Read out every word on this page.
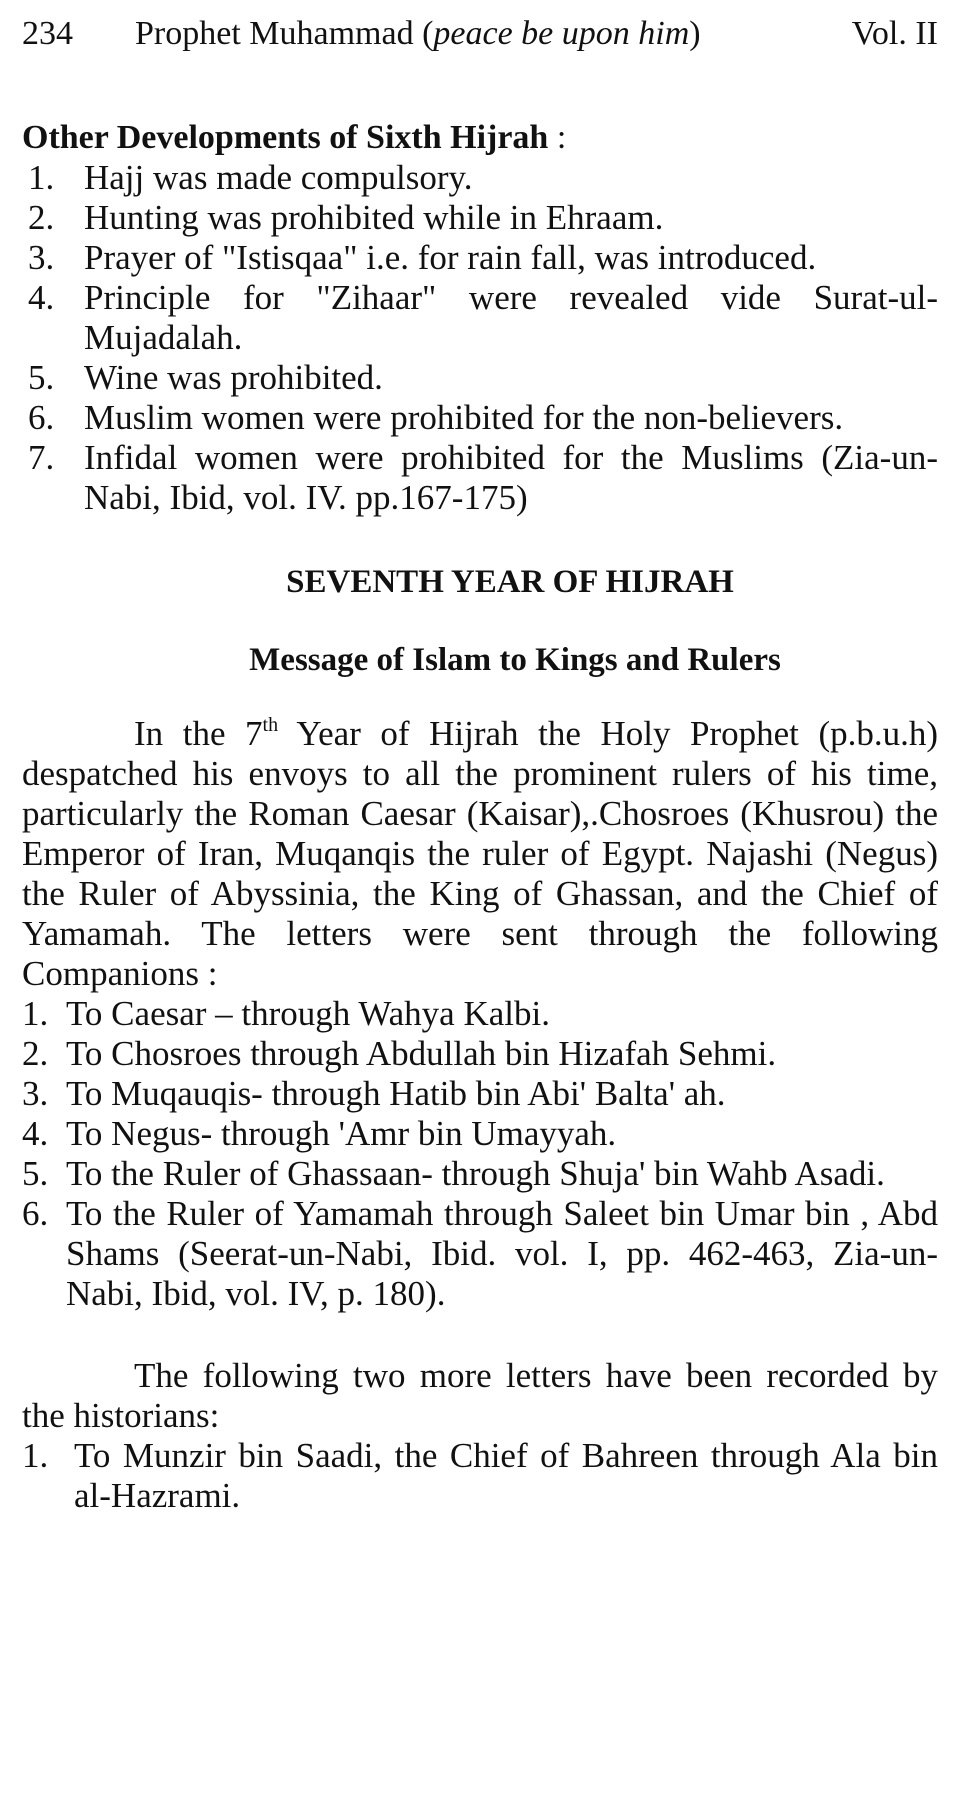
234 Prophet Muhammad (peace be upon him)	Vol. II
Other Developments of Sixth Hijrah :
1. Hajj was made compulsory.
2. Hunting was prohibited while in Ehraam.
3. Prayer of "Istisqaa" i.e. for rain fall, was introduced.
4. Principle for "Zihaar" were revealed vide Surat-ul-Mujadalah.
5. Wine was prohibited.
6. Muslim women were prohibited for the non-believers.
7. Infidal women were prohibited for the Muslims (Zia-un-Nabi, Ibid, vol. IV. pp.167-175)
SEVENTH YEAR OF HIJRAH
Message of Islam to Kings and Rulers

In the 7th Year of Hijrah the Holy Prophet (p.b.u.h) despatched his envoys to all the prominent rulers of his time, particularly the Roman Caesar (Kaisar),.Chosroes (Khusrou) the Emperor of Iran, Muqanqis the ruler of Egypt. Najashi (Negus) the Ruler of Abyssinia, the King of Ghassan, and the Chief of Yamamah. The letters were sent through the following Companions :

1. To Caesar – through Wahya Kalbi.
2. To Chosroes through Abdullah bin Hizafah Sehmi.
3. To Muqauqis- through Hatib bin Abi' Balta' ah.
4. To Negus- through 'Amr bin Umayyah.
5. To the Ruler of Ghassaan- through Shuja' bin Wahb Asadi.
6. To the Ruler of Yamamah through Saleet bin Umar bin , Abd Shams (Seerat-un-Nabi, Ibid. vol. I, pp. 462-463, Zia-un-Nabi, Ibid, vol. IV, p. 180).

The following two more letters have been recorded by the historians:

1. To Munzir bin Saadi, the Chief of Bahreen through Ala bin al-Hazrami.
